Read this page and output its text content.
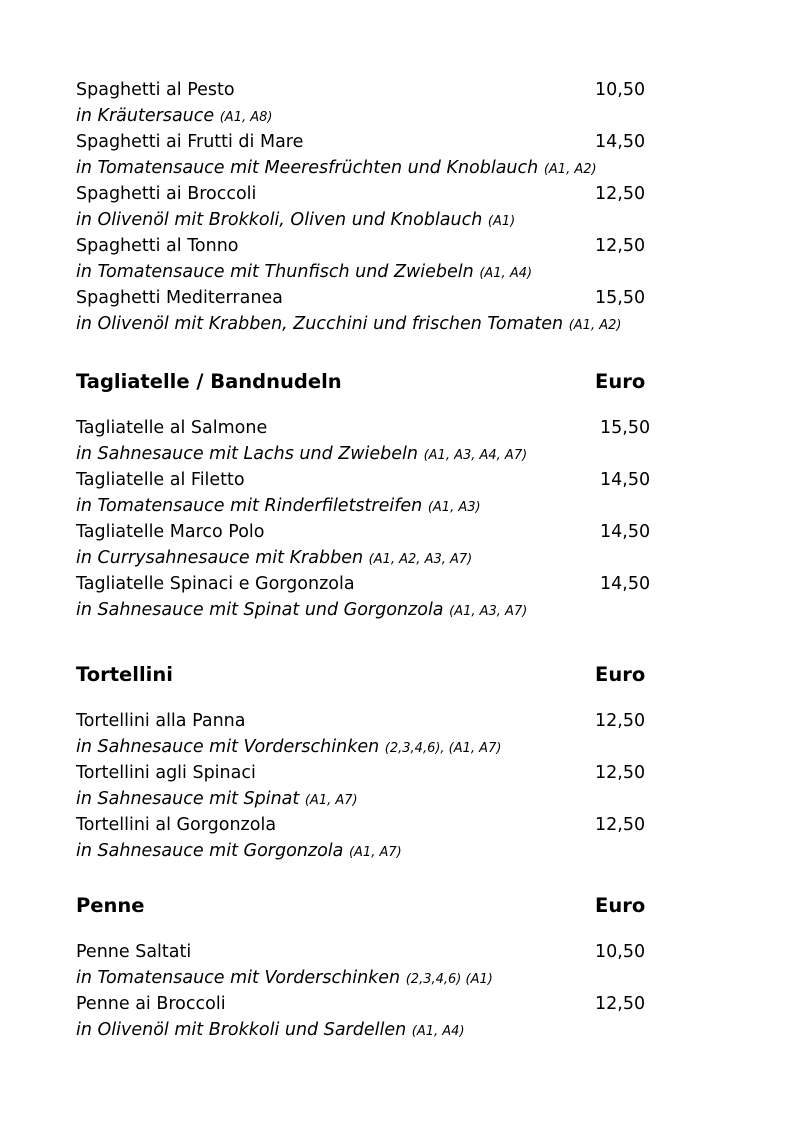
Spaghetti al Pesto	10,50
in Kräutersauce (A1, A8)
Spaghetti ai Frutti di Mare	14,50
in Tomatensauce mit Meeresfrüchten und Knoblauch (A1, A2)
Spaghetti ai Broccoli	12,50
in Olivenöl mit Brokkoli, Oliven und Knoblauch (A1)
Spaghetti al Tonno	12,50
in Tomatensauce mit Thunfisch und Zwiebeln (A1, A4)
Spaghetti Mediterranea	15,50
in Olivenöl mit Krabben, Zucchini und frischen Tomaten (A1, A2)
Tagliatelle / Bandnudeln	Euro
Tagliatelle al Salmone	15,50
in Sahnesauce mit Lachs und Zwiebeln (A1, A3, A4, A7)
Tagliatelle al Filetto	14,50
in Tomatensauce mit Rinderfiletstreifen (A1, A3)
Tagliatelle Marco Polo	14,50
in Currysahnesauce mit Krabben (A1, A2, A3, A7)
Tagliatelle Spinaci e Gorgonzola	14,50
in Sahnesauce mit Spinat und Gorgonzola (A1, A3, A7)
Tortellini	Euro
Tortellini alla Panna	12,50
in Sahnesauce mit Vorderschinken (2,3,4,6), (A1, A7)
Tortellini agli Spinaci	12,50
in Sahnesauce mit Spinat (A1, A7)
Tortellini al Gorgonzola	12,50
in Sahnesauce mit Gorgonzola (A1, A7)
Penne	Euro
Penne Saltati	10,50
in Tomatensauce mit Vorderschinken (2,3,4,6) (A1)
Penne ai Broccoli	12,50
in Olivenöl mit Brokkoli und Sardellen (A1, A4)
